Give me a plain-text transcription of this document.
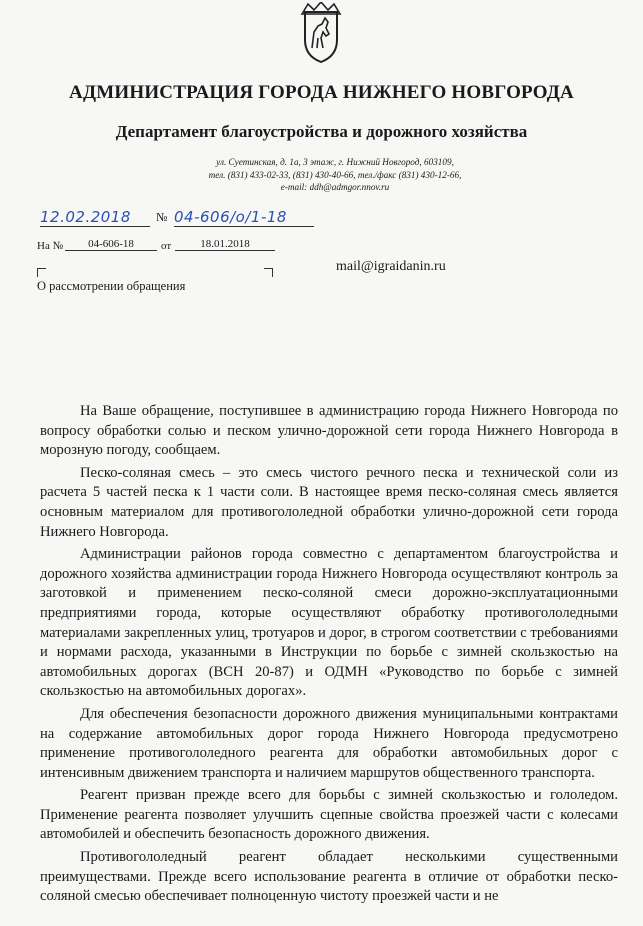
АДМИНИСТРАЦИЯ ГОРОДА НИЖНЕГО НОВГОРОДА
Департамент благоустройства и дорожного хозяйства
ул. Суетинская, д. 1а, 3 этаж, г. Нижний Новгород, 603109,
тел. (831) 433-02-33, (831) 430-40-66, тел./факс (831) 430-12-66,
e-mail: ddh@admgor.nnov.ru
12.02.2018 № 04-606/о/1-18
На №	04-606-18	от	18.01.2018
О рассмотрении обращения
mail@igraidanin.ru

На Ваше обращение, поступившее в администрацию города Нижнего Новгорода по вопросу обработки солью и песком улично-дорожной сети города Нижнего Новгорода в морозную погоду, сообщаем.

Песко-соляная смесь – это смесь чистого речного песка и технической соли из расчета 5 частей песка к 1 части соли. В настоящее время песко-соляная смесь является основным материалом для противогололедной обработки улично-дорожной сети города Нижнего Новгорода.

Администрации районов города совместно с департаментом благоустройства и дорожного хозяйства администрации города Нижнего Новгорода осуществляют контроль за заготовкой и применением песко-соляной смеси дорожно-эксплуатационными предприятиями города, которые осуществляют обработку противогололедными материалами закрепленных улиц, тротуаров и дорог, в строгом соответствии с требованиями и нормами расхода, указанными в Инструкции по борьбе с зимней скользкостью на автомобильных дорогах (ВСН 20-87) и ОДМН «Руководство по борьбе с зимней скользкостью на автомобильных дорогах».

Для обеспечения безопасности дорожного движения муниципальными контрактами на содержание автомобильных дорог города Нижнего Новгорода предусмотрено применение противогололедного реагента для обработки автомобильных дорог с интенсивным движением транспорта и наличием маршрутов общественного транспорта.

Реагент призван прежде всего для борьбы с зимней скользкостью и гололедом. Применение реагента позволяет улучшить сцепные свойства проезжей части с колесами автомобилей и обеспечить безопасность дорожного движения.

Противогололедный реагент обладает несколькими существенными преимуществами. Прежде всего использование реагента в отличие от обработки песко-соляной смесью обеспечивает полноценную чистоту проезжей части и не
